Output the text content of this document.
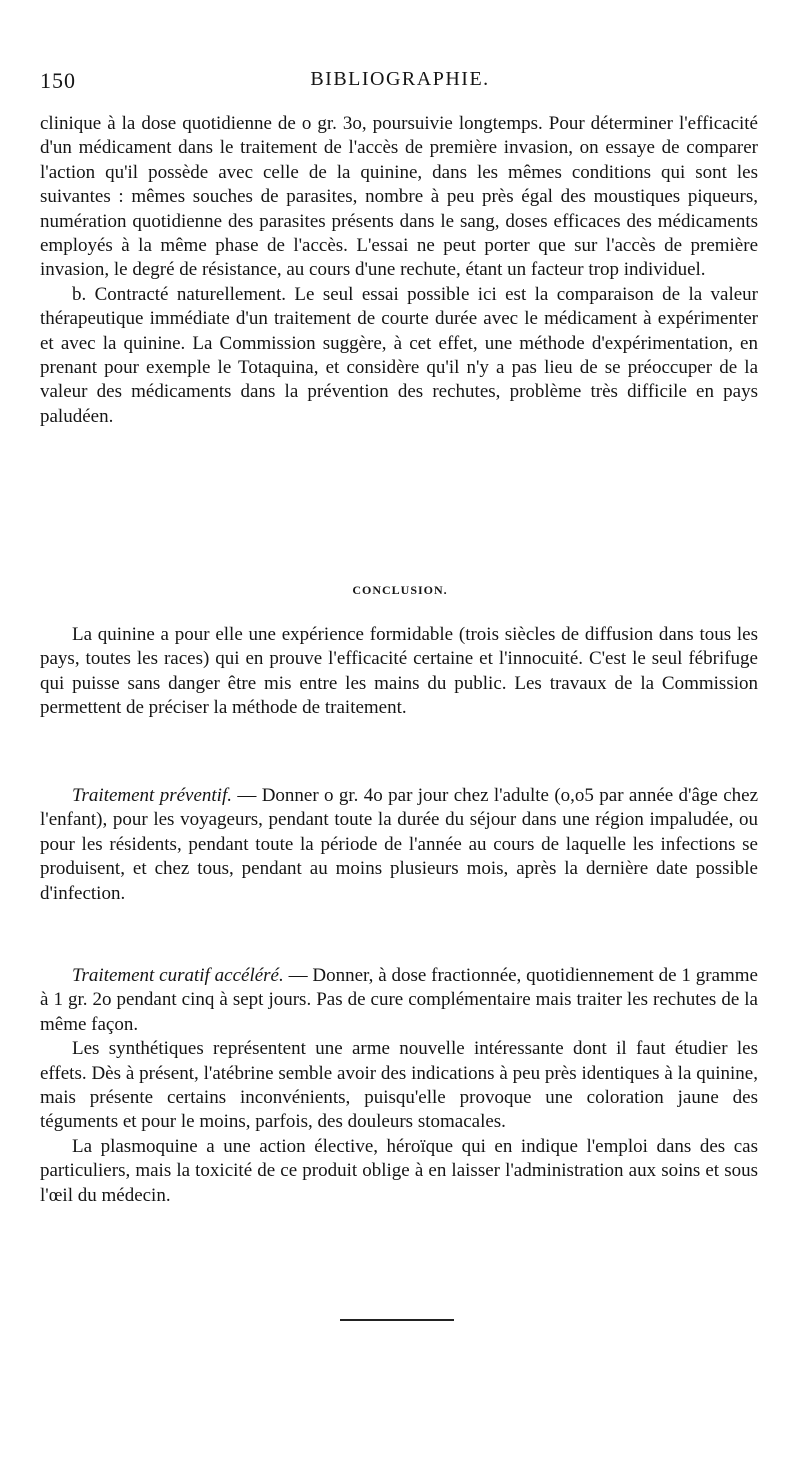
150	BIBLIOGRAPHIE.

clinique à la dose quotidienne de o gr. 3o, poursuivie longtemps. Pour déterminer l'efficacité d'un médicament dans le traitement de l'accès de première invasion, on essaye de comparer l'action qu'il possède avec celle de la quinine, dans les mêmes conditions qui sont les suivantes : mêmes souches de parasites, nombre à peu près égal des moustiques piqueurs, numération quotidienne des parasites présents dans le sang, doses efficaces des médicaments employés à la même phase de l'accès. L'essai ne peut porter que sur l'accès de première invasion, le degré de résistance, au cours d'une rechute, étant un facteur trop individuel.

b. Contracté naturellement. Le seul essai possible ici est la comparaison de la valeur thérapeutique immédiate d'un traitement de courte durée avec le médicament à expérimenter et avec la quinine. La Commission suggère, à cet effet, une méthode d'expérimentation, en prenant pour exemple le Totaquina, et considère qu'il n'y a pas lieu de se préoccuper de la valeur des médicaments dans la prévention des rechutes, problème très difficile en pays paludéen.

CONCLUSION.

La quinine a pour elle une expérience formidable (trois siècles de diffusion dans tous les pays, toutes les races) qui en prouve l'efficacité certaine et l'innocuité. C'est le seul fébrifuge qui puisse sans danger être mis entre les mains du public. Les travaux de la Commission permettent de préciser la méthode de traitement.

Traitement préventif. — Donner o gr. 4o par jour chez l'adulte (o,o5 par année d'âge chez l'enfant), pour les voyageurs, pendant toute la durée du séjour dans une région impaludée, ou pour les résidents, pendant toute la période de l'année au cours de laquelle les infections se produisent, et chez tous, pendant au moins plusieurs mois, après la dernière date possible d'infection.

Traitement curatif accéléré. — Donner, à dose fractionnée, quotidiennement de 1 gramme à 1 gr. 2o pendant cinq à sept jours. Pas de cure complémentaire mais traiter les rechutes de la même façon.

Les synthétiques représentent une arme nouvelle intéressante dont il faut étudier les effets. Dès à présent, l'atébrine semble avoir des indications à peu près identiques à la quinine, mais présente certains inconvénients, puisqu'elle provoque une coloration jaune des téguments et pour le moins, parfois, des douleurs stomacales.

La plasmoquine a une action élective, héroïque qui en indique l'emploi dans des cas particuliers, mais la toxicité de ce produit oblige à en laisser l'administration aux soins et sous l'œil du médecin.
